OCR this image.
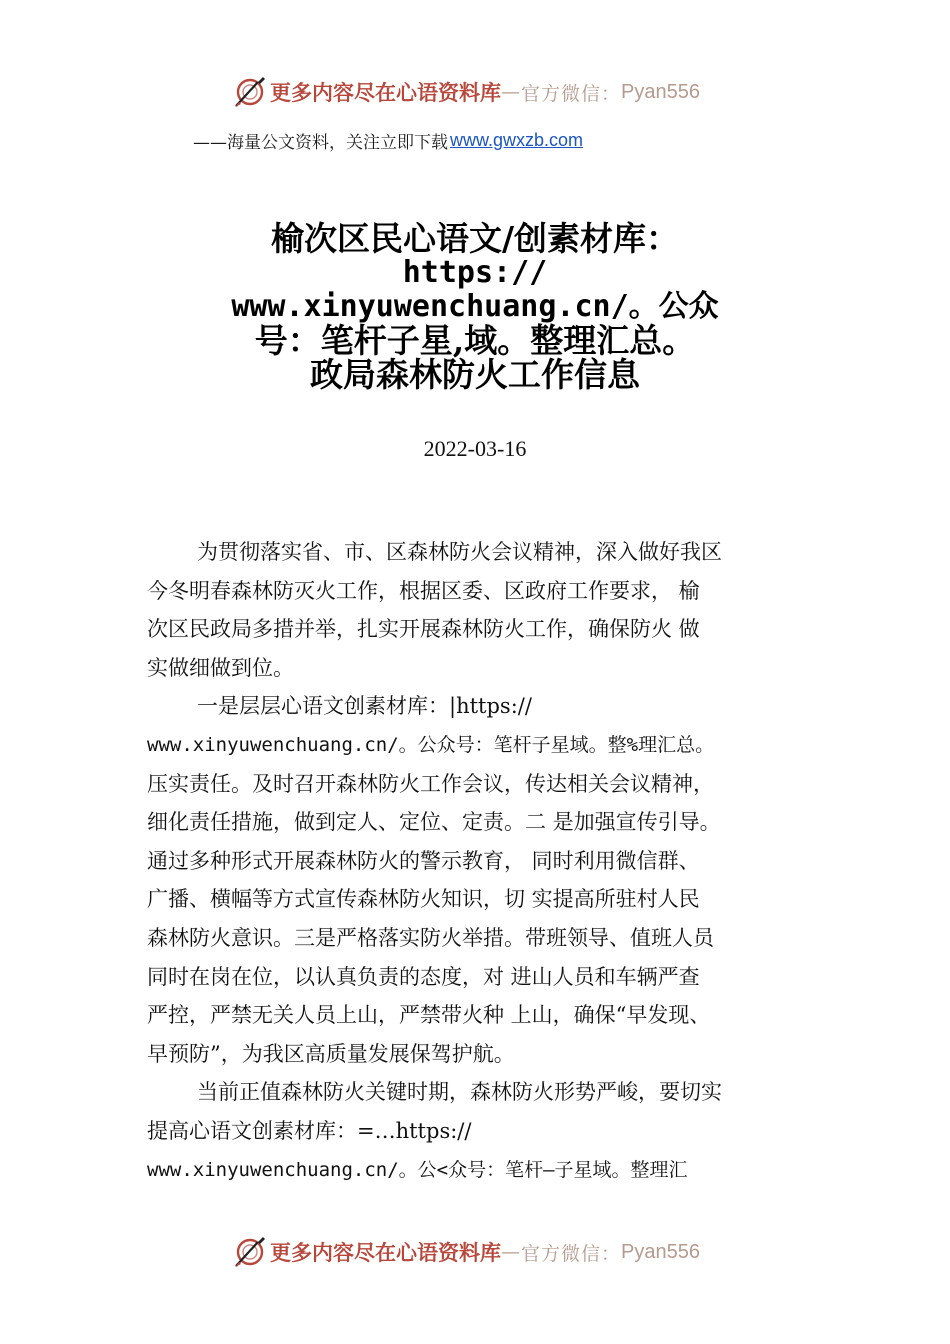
更多内容尽在心语资料库 — 官方微信： Pyan556
——海量公文资料，关注立即下载 www.gwxzb.com
榆次区民心语文/创素材库：
https://
www.xinyuwenchuang.cn/。公众
号：笔杆子星,域。整理汇总。
政局森林防火工作信息
2022-03-16
为贯彻落实省、市、区森林防火会议精神，深入做好我区
今冬明春森林防灭火工作，根据区委、区政府工作要求， 榆
次区民政局多措并举，扎实开展森林防火工作，确保防火 做
实做细做到位。
一是层层心语文创素材库：|https://
www.xinyuwenchuang.cn/。公众号：笔杆子星域。整%理汇总。
压实责任。及时召开森林防火工作会议，传达相关会议精神，
细化责任措施，做到定人、定位、定责。二 是加强宣传引导。
通过多种形式开展森林防火的警示教育， 同时利用微信群、
广播、横幅等方式宣传森林防火知识，切 实提高所驻村人民
森林防火意识。三是严格落实防火举措。带班领导、值班人员
同时在岗在位，以认真负责的态度，对 进山人员和车辆严查
严控，严禁无关人员上山，严禁带火种 上山，确保“早发现、
早预防”，为我区高质量发展保驾护航。
当前正值森林防火关键时期，森林防火形势严峻，要切实
提高心语文创素材库：=…https://
www.xinyuwenchuang.cn/。公<众号：笔杆—子星域。整理汇
更多内容尽在心语资料库 — 官方微信： Pyan556
